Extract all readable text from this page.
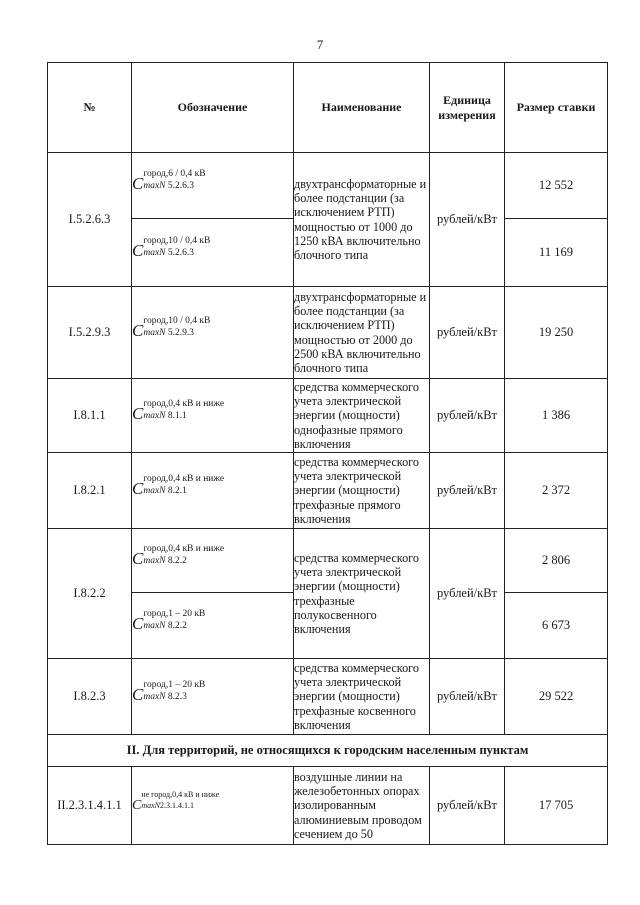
7
№	Обозначение	Наименование	Единица измерения	Размер ставки
I.5.2.6.3	C
город,6 / 0,4 кВ
maxN 5.2.6.3	двухтрансформаторные и более подстанции (за исключением РТП) мощностью от 1000 до 1250 кВА включительно блочного типа	рублей/кВт	12 552
	C
город,10 / 0,4 кВ
maxN 5.2.6.3			11 169
I.5.2.9.3	C
город,10 / 0,4 кВ
maxN 5.2.9.3	двухтрансформаторные и более подстанции (за исключением РТП) мощностью от 2000 до 2500 кВА включительно блочного типа	рублей/кВт	19 250
I.8.1.1	C
город,0,4 кВ и ниже
maxN 8.1.1	средства коммерческого учета электрической энергии (мощности) однофазные прямого включения	рублей/кВт	1 386
I.8.2.1	C
город,0,4 кВ и ниже
maxN 8.2.1	средства коммерческого учета электрической энергии (мощности) трехфазные прямого включения	рублей/кВт	2 372
I.8.2.2	C
город,0,4 кВ и ниже
maxN 8.2.2	средства коммерческого учета электрической энергии (мощности) трехфазные полукосвенного включения	рублей/кВт	2 806
	C
город,1 – 20 кВ
maxN 8.2.2			6 673
I.8.2.3	C
город,1 – 20 кВ
maxN 8.2.3	средства коммерческого учета электрической энергии (мощности) трехфазные косвенного включения	рублей/кВт	29 522
II. Для территорий, не относящихся к городским населенным пунктам				
II.2.3.1.4.1.1	C
не город,0,4 кВ и ниже
maxN2.3.1.4.1.1	воздушные линии на железобетонных опорах изолированным алюминиевым проводом сечением до 50	рублей/кВт	17 705
